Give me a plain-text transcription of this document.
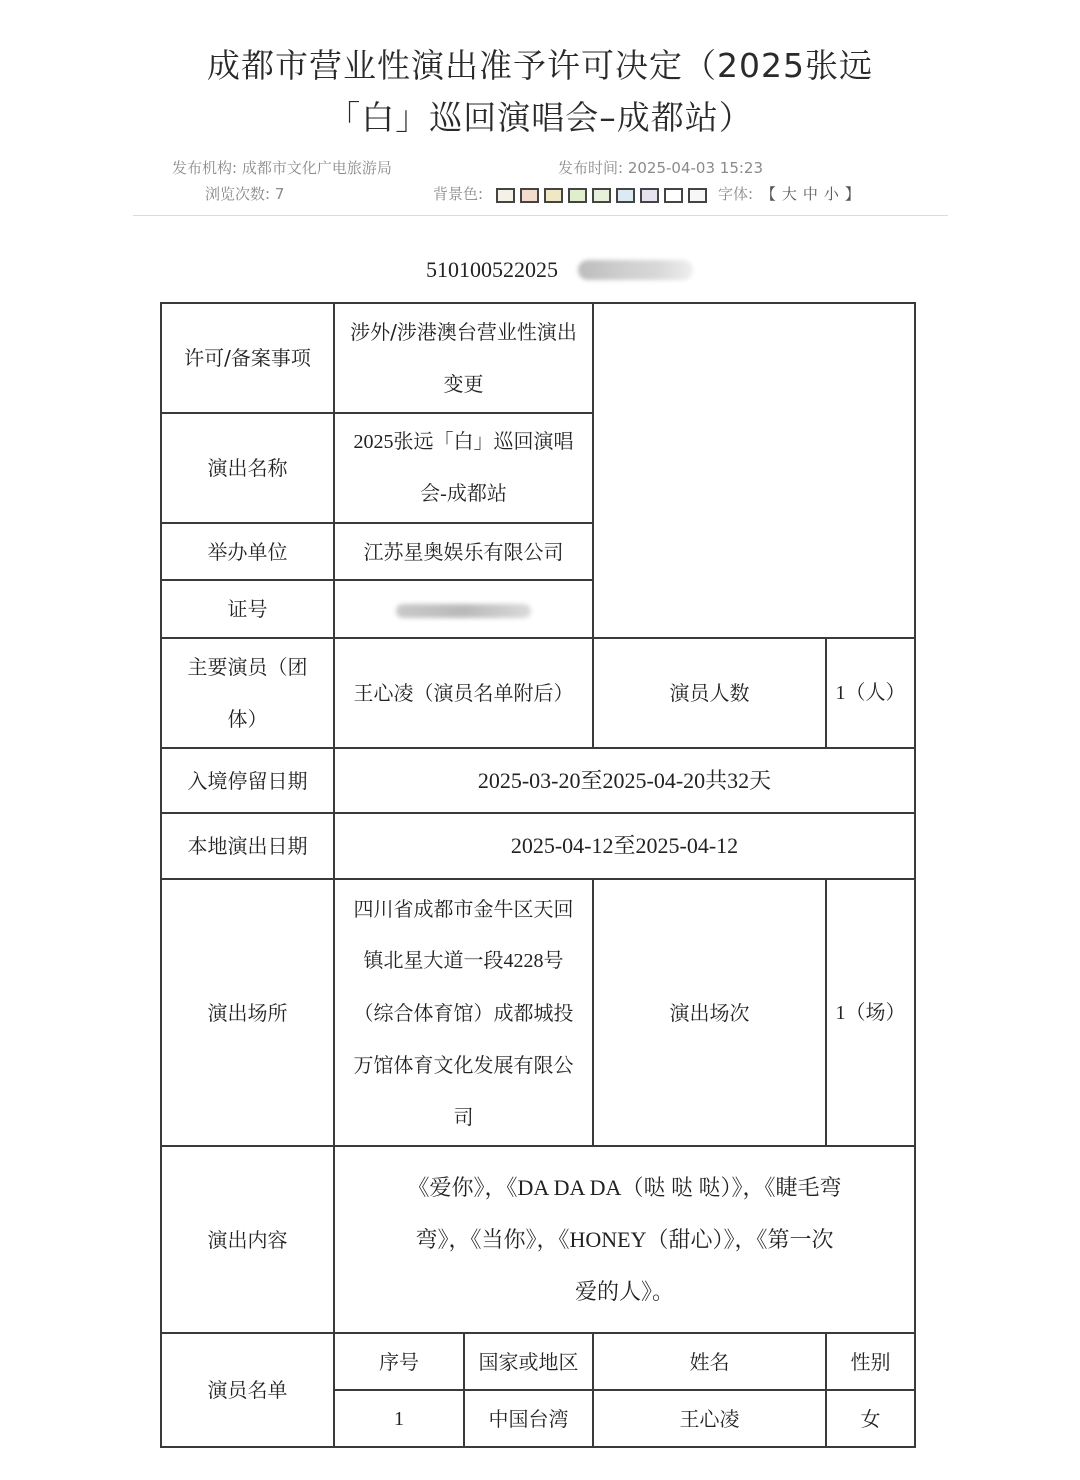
成都市营业性演出准予许可决定（2025张远
「白」巡回演唱会–成都站）
发布机构: 成都市文化广电旅游局	发布时间: 2025-04-03 15:23
浏览次数: 7	背景色:	字体: 【 大 中 小 】
510100522025
许可/备案事项	涉外/涉港澳台营业性演出
变更			

演出名称	2025张远「白」巡回演唱
会-成都站			

举办单位	江苏星奥娱乐有限公司			
证号				

主要演员（团
体）	王心凌（演员名单附后）		演员人数	1（人）
入境停留日期	2025-03-20至2025-04-20共32天			
本地演出日期	2025-04-12至2025-04-12			
演出场所	四川省成都市金牛区天回
镇北星大道一段4228号
（综合体育馆）成都城投
万馆体育文化发展有限公
司		演出场次	1（场）
演出内容	《爱你》，《DA DA DA（哒 哒 哒）》，《睫毛弯
弯》，《当你》，《HONEY（甜心）》，《第一次
爱的人》。			

演员名单	序号	国家或地区	姓名	性别
	1	中国台湾	王心凌	女
